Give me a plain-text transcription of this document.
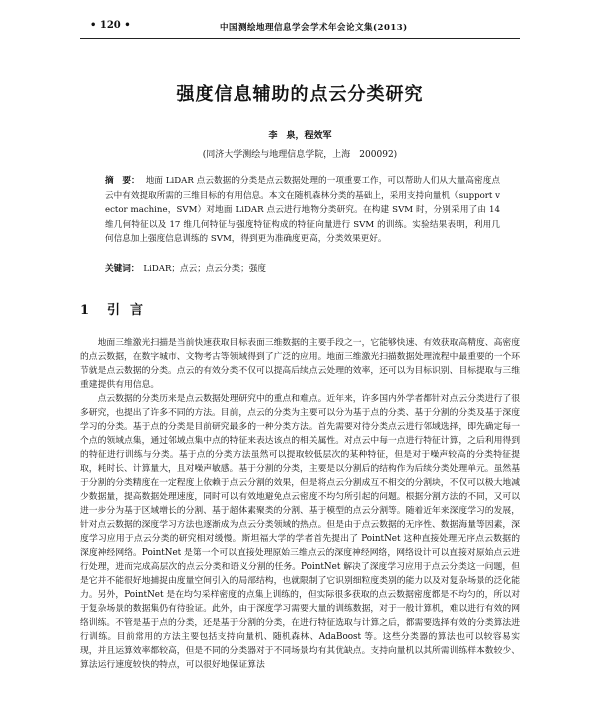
• 120 •	中国测绘地理信息学会学术年会论文集(2013)
强度信息辅助的点云分类研究
李　泉，程效军
(同济大学测绘与地理信息学院，上海　200092)
摘　要： 地面 LiDAR 点云数据的分类是点云数据处理的一项重要工作，可以帮助人们从大量高密度点云中有效提取所需的三维目标的有用信息。本文在随机森林分类的基础上，采用支持向量机（support vector machine，SVM）对地面 LiDAR 点云进行地物分类研究。在构建 SVM 时，分别采用了由 14 维几何特征以及 17 维几何特征与强度特征构成的特征向量进行 SVM 的训练。实验结果表明，利用几何信息加上强度信息训练的 SVM，得到更为准确度更高，分类效果更好。
关键词： LiDAR；点云；点云分类；强度
1 引言

地面三维激光扫描是当前快速获取目标表面三维数据的主要手段之一，它能够快速、有效获取高精度、高密度的点云数据，在数字城市、文物考古等领域得到了广泛的应用。地面三维激光扫描数据处理流程中最重要的一个环节就是点云数据的分类。点云的有效分类不仅可以提高后续点云处理的效率，还可以为目标识别、目标提取与三维重建提供有用信息。

点云数据的分类历来是点云数据处理研究中的重点和难点。近年来，许多国内外学者都针对点云分类进行了很多研究，也提出了许多不同的方法。目前，点云的分类为主要可以分为基于点的分类、基于分割的分类及基于深度学习的分类。基于点的分类是目前研究最多的一种分类方法。首先需要对待分类点云进行邻域选择，即先确定每一个点的领域点集，通过邻域点集中点的特征来表达该点的相关属性。对点云中每一点进行特征计算，之后利用得到的特征进行训练与分类。基于点的分类方法虽然可以提取较低层次的某种特征，但是对于噪声较高的分类特征提取，耗时长、计算量大，且对噪声敏感。基于分割的分类，主要是以分割后的结构作为后续分类处理单元。虽然基于分割的分类精度在一定程度上依赖于点云分割的效果，但是将点云分割成互不相交的分割块，不仅可以极大地减少数据量，提高数据处理速度，同时可以有效地避免点云密度不均匀所引起的问题。根据分割方法的不同，又可以进一步分为基于区域增长的分割、基于超体素聚类的分割、基于模型的点云分割等。随着近年来深度学习的发展，针对点云数据的深度学习方法也逐渐成为点云分类领域的热点。但是由于点云数据的无序性、数据海量等因素，深度学习应用于点云分类的研究相对缓慢。斯坦福大学的学者首先提出了 PointNet 这种直接处理无序点云数据的深度神经网络。PointNet 是第一个可以直接处理原始三维点云的深度神经网络，网络设计可以直接对原始点云进行处理，进而完成高层次的点云分类和语义分割的任务。PointNet 解决了深度学习应用于点云分类这一问题，但是它并不能很好地捕捉由度量空间引入的局部结构，也就限制了它识别细粒度类别的能力以及对复杂场景的泛化能力。另外，PointNet 是在均匀采样密度的点集上训练的，但实际很多获取的点云数据密度都是不均匀的，所以对于复杂场景的数据集仍有待验证。此外，由于深度学习需要大量的训练数据，对于一般计算机，难以进行有效的网络训练。不管是基于点的分类，还是基于分割的分类，在进行特征选取与计算之后，都需要选择有效的分类算法进行训练。目前常用的方法主要包括支持向量机、随机森林、AdaBoost 等。这些分类器的算法也可以较容易实现，并且运算效率都较高，但是不同的分类器对于不同场景均有其优缺点。支持向量机以其所需训练样本数较少、算法运行速度较快的特点，可以很好地保证算法
